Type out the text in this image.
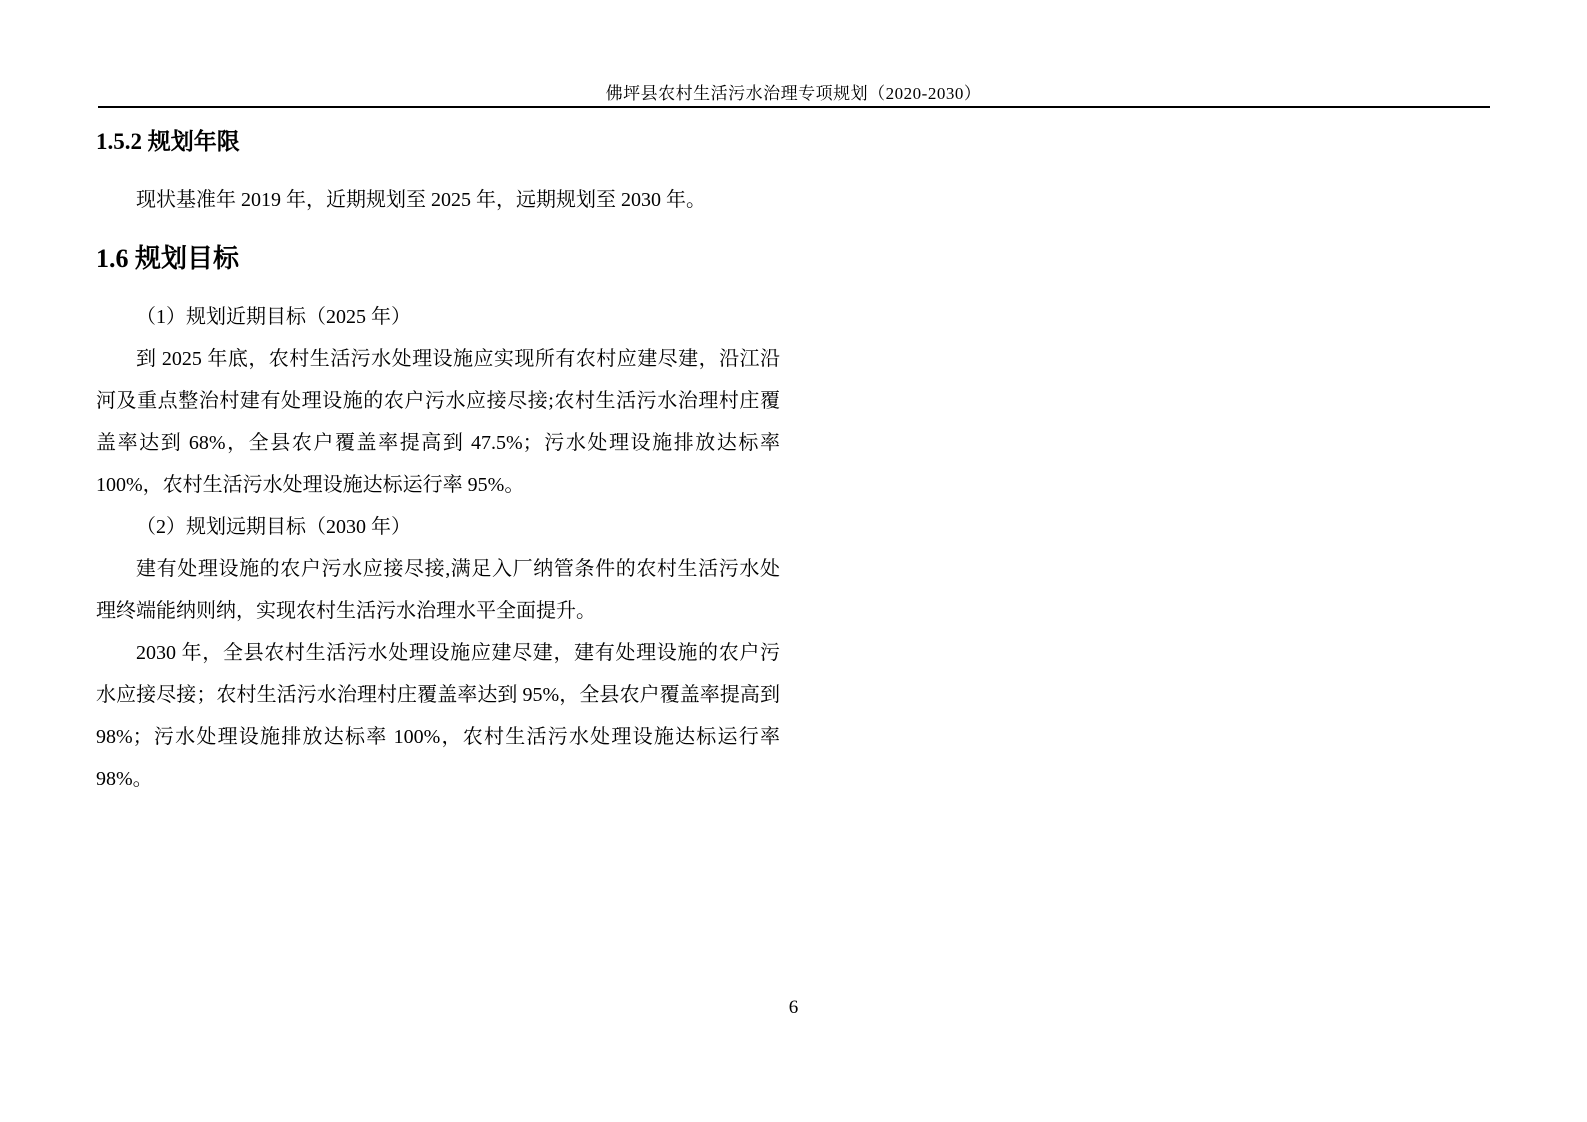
佛坪县农村生活污水治理专项规划（2020-2030）
1.5.2 规划年限

现状基准年 2019 年，近期规划至 2025 年，远期规划至 2030 年。

1.6 规划目标

（1）规划近期目标（2025 年）

到 2025 年底，农村生活污水处理设施应实现所有农村应建尽建，沿江沿河及重点整治村建有处理设施的农户污水应接尽接;农村生活污水治理村庄覆盖率达到 68%，全县农户覆盖率提高到 47.5%；污水处理设施排放达标率 100%，农村生活污水处理设施达标运行率 95%。

（2）规划远期目标（2030 年）

建有处理设施的农户污水应接尽接,满足入厂纳管条件的农村生活污水处理终端能纳则纳，实现农村生活污水治理水平全面提升。

2030 年，全县农村生活污水处理设施应建尽建，建有处理设施的农户污水应接尽接；农村生活污水治理村庄覆盖率达到 95%，全县农户覆盖率提高到 98%；污水处理设施排放达标率 100%，农村生活污水处理设施达标运行率 98%。

6
